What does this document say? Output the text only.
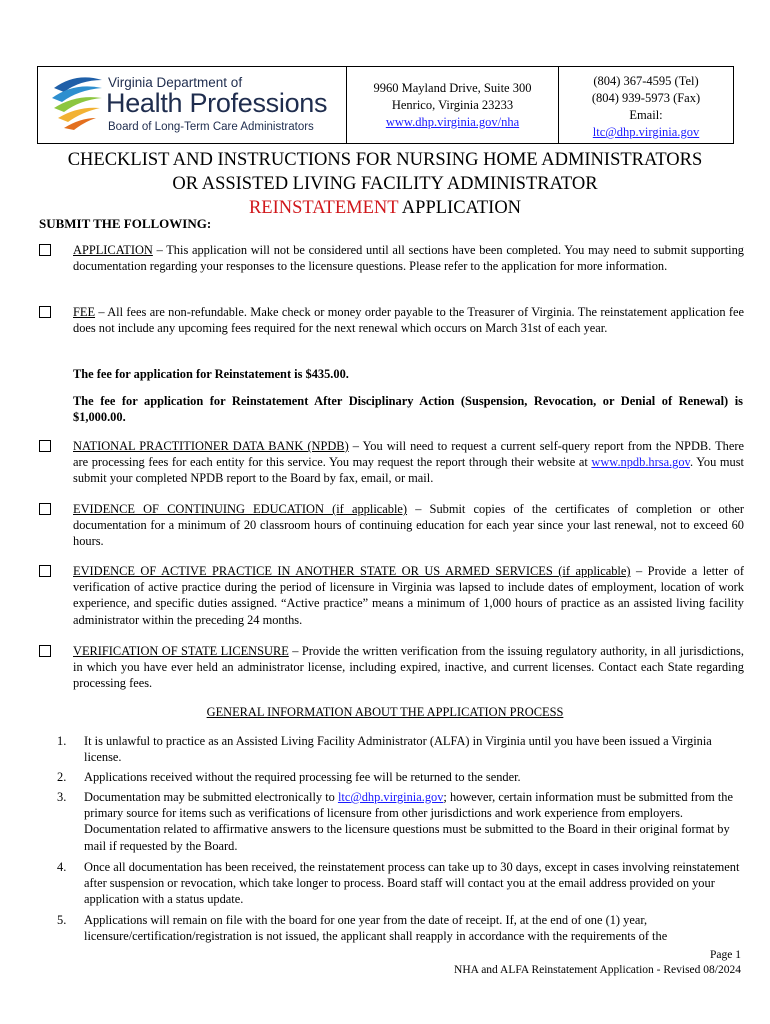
Virginia Department of
Health Professions
Board of Long-Term Care Administrators
9960 Mayland Drive, Suite 300
Henrico, Virginia 23233
www.dhp.virginia.gov/nha
(804) 367-4595 (Tel)
(804) 939-5973 (Fax)
Email:
ltc@dhp.virginia.gov
CHECKLIST AND INSTRUCTIONS FOR NURSING HOME ADMINISTRATORS
OR ASSISTED LIVING FACILITY ADMINISTRATOR
REINSTATEMENT APPLICATION
SUBMIT THE FOLLOWING:
APPLICATION – This application will not be considered until all sections have been completed. You may need to submit supporting documentation regarding your responses to the licensure questions. Please refer to the application for more information.
FEE – All fees are non-refundable. Make check or money order payable to the Treasurer of Virginia. The reinstatement application fee does not include any upcoming fees required for the next renewal which occurs on March 31st of each year.
The fee for application for Reinstatement is $435.00.
The fee for application for Reinstatement After Disciplinary Action (Suspension, Revocation, or Denial of Renewal) is $1,000.00.
NATIONAL PRACTITIONER DATA BANK (NPDB) – You will need to request a current self-query report from the NPDB. There are processing fees for each entity for this service. You may request the report through their website at www.npdb.hrsa.gov. You must submit your completed NPDB report to the Board by fax, email, or mail.
EVIDENCE OF CONTINUING EDUCATION (if applicable) – Submit copies of the certificates of completion or other documentation for a minimum of 20 classroom hours of continuing education for each year since your last renewal, not to exceed 60 hours.
EVIDENCE OF ACTIVE PRACTICE IN ANOTHER STATE OR US ARMED SERVICES (if applicable) – Provide a letter of verification of active practice during the period of licensure in Virginia was lapsed to include dates of employment, location of work experience, and specific duties assigned. “Active practice” means a minimum of 1,000 hours of practice as an assisted living facility administrator within the preceding 24 months.
VERIFICATION OF STATE LICENSURE – Provide the written verification from the issuing regulatory authority, in all jurisdictions, in which you have ever held an administrator license, including expired, inactive, and current licenses. Contact each State regarding processing fees.
GENERAL INFORMATION ABOUT THE APPLICATION PROCESS
1.	It is unlawful to practice as an Assisted Living Facility Administrator (ALFA) in Virginia until you have been issued a Virginia license.
2.	Applications received without the required processing fee will be returned to the sender.
3.	Documentation may be submitted electronically to ltc@dhp.virginia.gov; however, certain information must be submitted from the primary source for items such as verifications of licensure from other jurisdictions and work experience from employers. Documentation related to affirmative answers to the licensure questions must be submitted to the Board in their original format by mail if requested by the Board.
4.	Once all documentation has been received, the reinstatement process can take up to 30 days, except in cases involving reinstatement after suspension or revocation, which take longer to process. Board staff will contact you at the email address provided on your application with a status update.
5.	Applications will remain on file with the board for one year from the date of receipt. If, at the end of one (1) year, licensure/certification/registration is not issued, the applicant shall reapply in accordance with the requirements of the
Page 1
NHA and ALFA Reinstatement Application - Revised 08/2024
